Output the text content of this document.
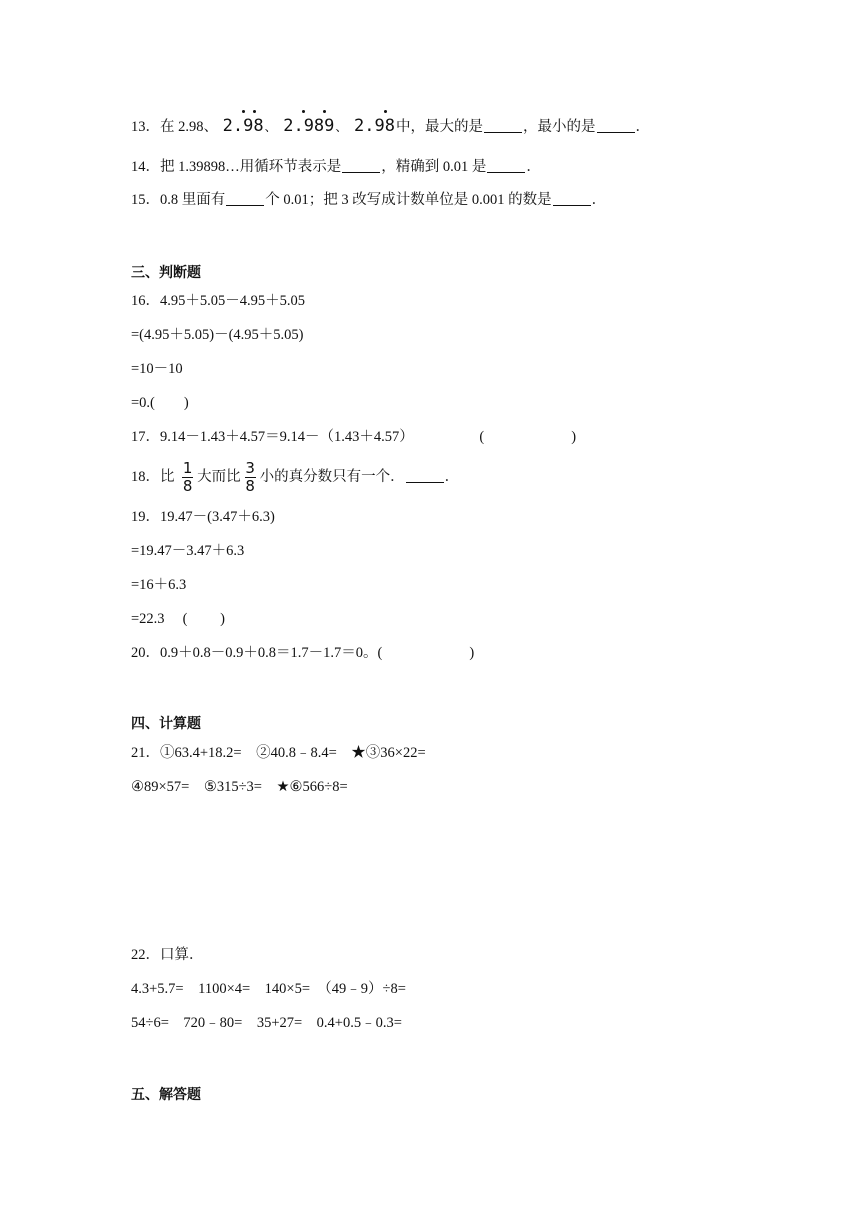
13．在 2.98、 2.98、 2.989、 2.98中，最大的是	，最小的是	．
14．把 1.39898…用循环节表示是	，精确到 0.01 是	．
15．0.8 里面有	个 0.01；把 3 改写成计数单位是 0.001 的数是	．
三、判断题
16．4.95＋5.05－4.95＋5.05
=(4.95＋5.05)－(4.95＋5.05)
=10－10
=0.(　　)
17．9.14－1.43＋4.57＝9.14－（1.43＋4.57）	(　　　　　　)
18．比 $\frac{1}{8}$ 大而比 $\frac{3}{8}$ 小的真分数只有一个．	．
19．19.47－(3.47＋6.3)
=19.47－3.47＋6.3
=16＋6.3
=22.3　 (　　 )
20．0.9＋0.8－0.9＋0.8＝1.7－1.7＝0。(　　　　　　)
四、计算题
21．①63.4+18.2=　②40.8﹣8.4=　★③36×22=
④89×57=　⑤315÷3=　★⑥566÷8=
22．口算．
4.3+5.7=　1100×4=　140×5=　（49﹣9）÷8=
54÷6=　720﹣80=　35+27=　0.4+0.5﹣0.3=
五、解答题
